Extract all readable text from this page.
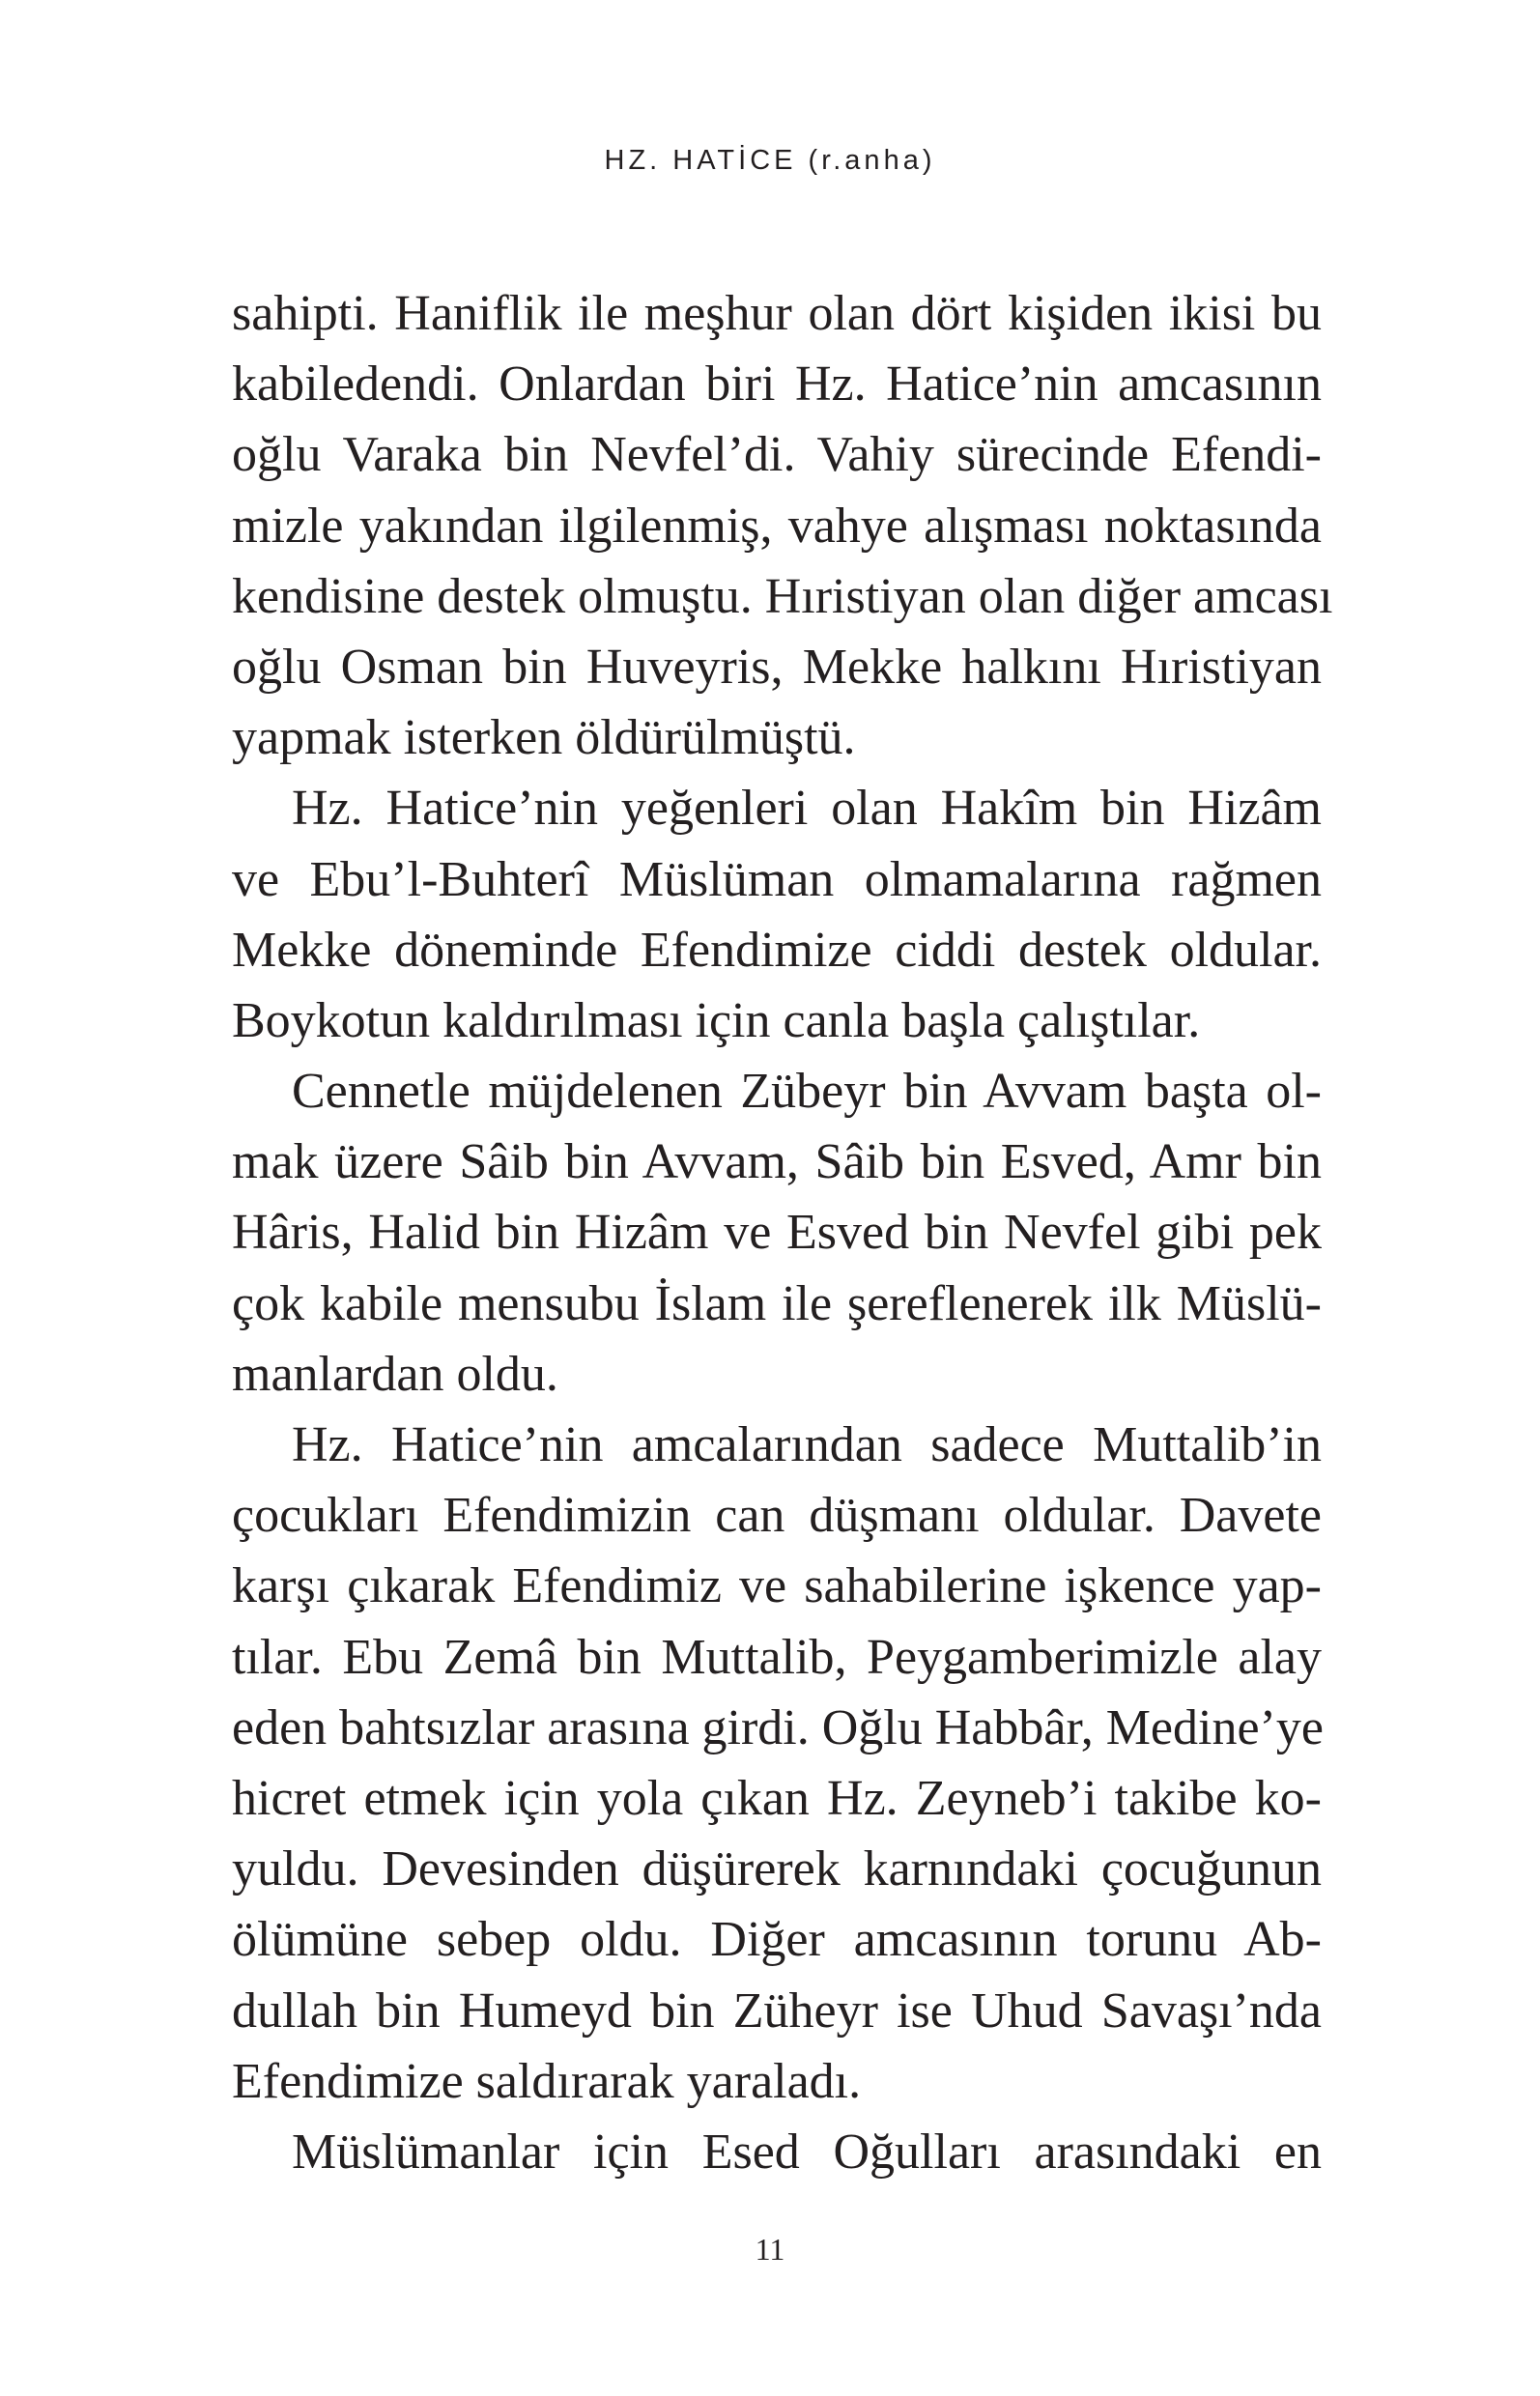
HZ. HATİCE (r.anha)
sahipti. Haniflik ile meşhur olan dört kişiden ikisi bu
kabiledendi. Onlardan biri Hz. Hatice’nin amcasının
oğlu Varaka bin Nevfel’di. Vahiy sürecinde Efendi-
mizle yakından ilgilenmiş, vahye alışması noktasında
kendisine destek olmuştu. Hıristiyan olan diğer amcası
oğlu Osman bin Huveyris, Mekke halkını Hıristiyan
yapmak isterken öldürülmüştü.
Hz. Hatice’nin yeğenleri olan Hakîm bin Hizâm
ve Ebu’l-Buhterî Müslüman olmamalarına rağmen
Mekke döneminde Efendimize ciddi destek oldular.
Boykotun kaldırılması için canla başla çalıştılar.
Cennetle müjdelenen Zübeyr bin Avvam başta ol-
mak üzere Sâib bin Avvam, Sâib bin Esved, Amr bin
Hâris, Halid bin Hizâm ve Esved bin Nevfel gibi pek
çok kabile mensubu İslam ile şereflenerek ilk Müslü-
manlardan oldu.
Hz. Hatice’nin amcalarından sadece Muttalib’in
çocukları Efendimizin can düşmanı oldular. Davete
karşı çıkarak Efendimiz ve sahabilerine işkence yap-
tılar. Ebu Zemâ bin Muttalib, Peygamberimizle alay
eden bahtsızlar arasına girdi. Oğlu Habbâr, Medine’ye
hicret etmek için yola çıkan Hz. Zeyneb’i takibe ko-
yuldu. Devesinden düşürerek karnındaki çocuğunun
ölümüne sebep oldu. Diğer amcasının torunu Ab-
dullah bin Humeyd bin Züheyr ise Uhud Savaşı’nda
Efendimize saldırarak yaraladı.
Müslümanlar için Esed Oğulları arasındaki en
11
